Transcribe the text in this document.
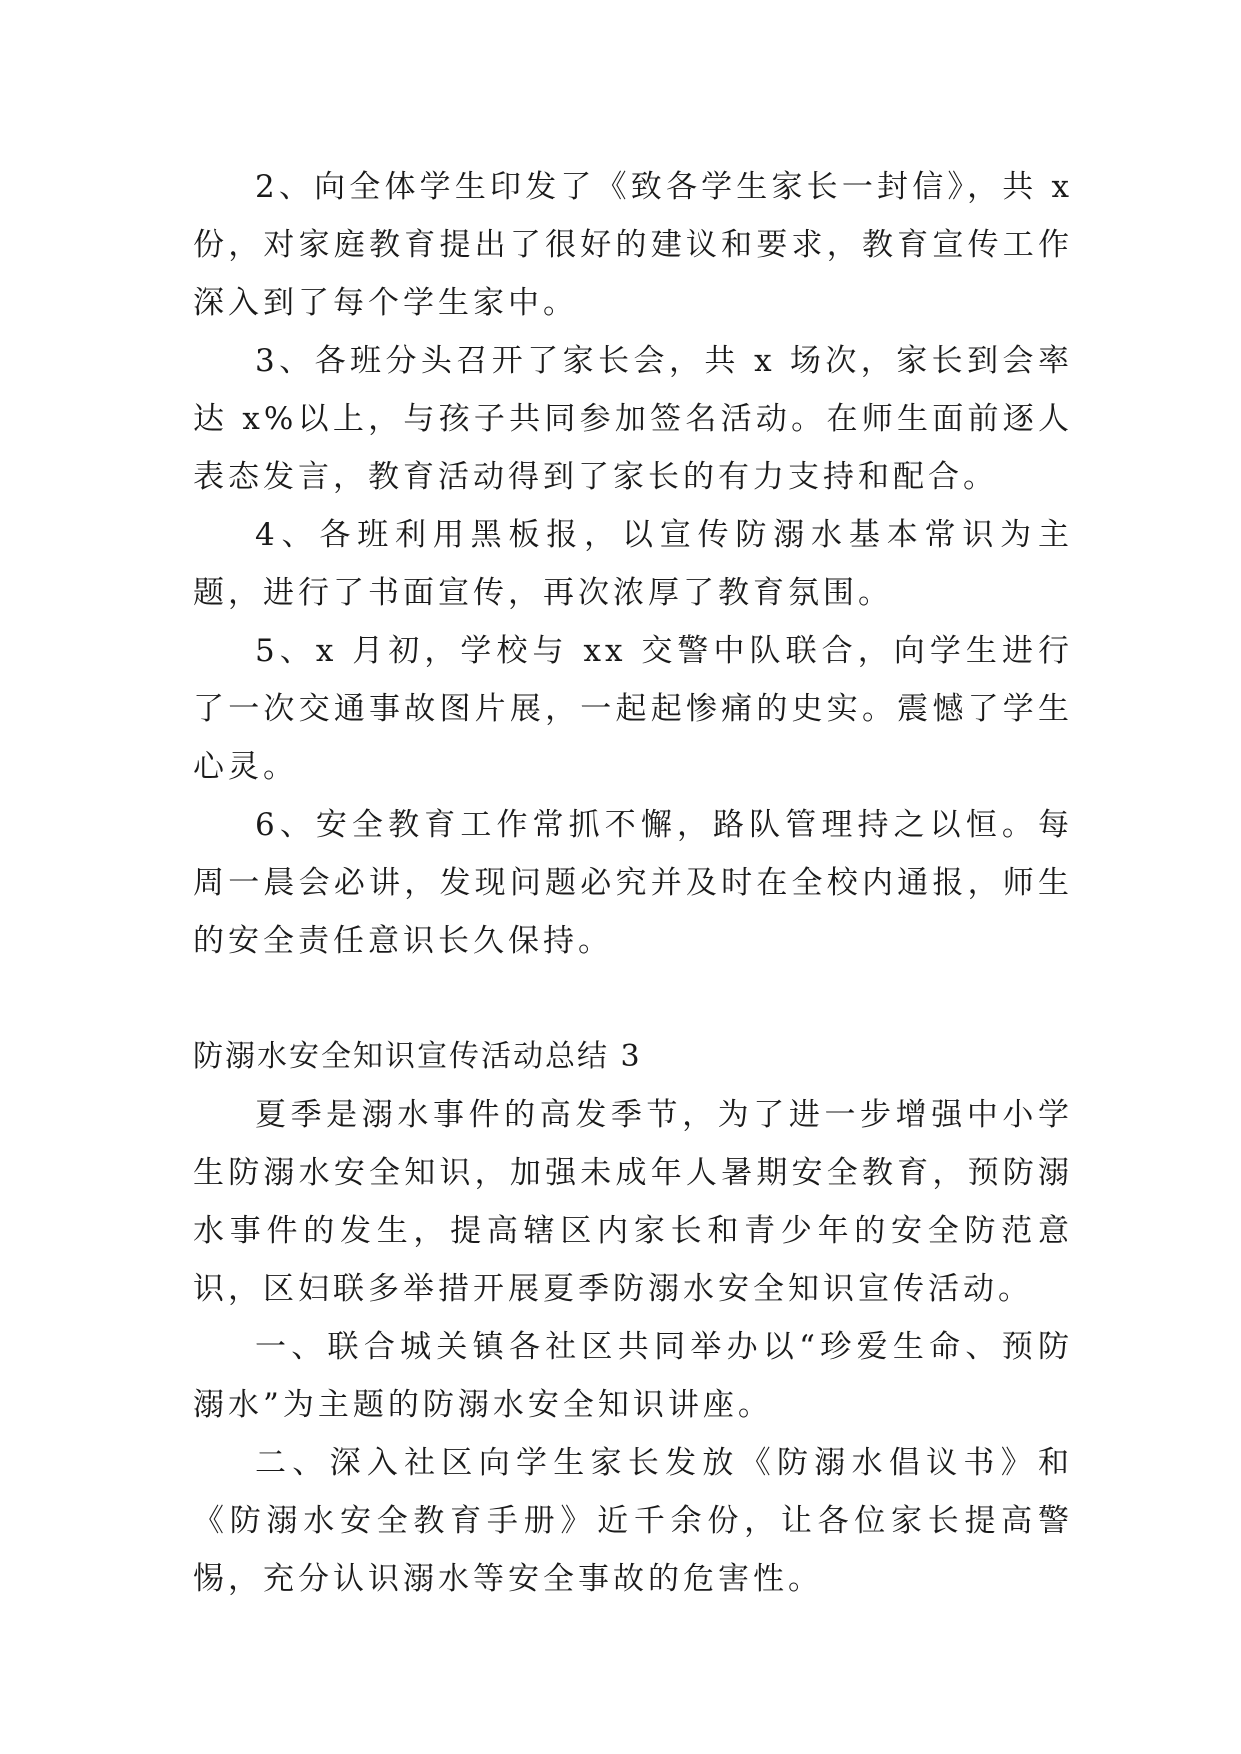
2、向全体学生印发了《致各学生家长一封信》，共 x 份，对家庭教育提出了很好的建议和要求，教育宣传工作深入到了每个学生家中。

3、各班分头召开了家长会，共 x 场次，家长到会率达 x%以上，与孩子共同参加签名活动。在师生面前逐人表态发言，教育活动得到了家长的有力支持和配合。

4、各班利用黑板报，以宣传防溺水基本常识为主题，进行了书面宣传，再次浓厚了教育氛围。

5、x 月初，学校与 xx 交警中队联合，向学生进行了一次交通事故图片展，一起起惨痛的史实。震憾了学生心灵。

6、安全教育工作常抓不懈，路队管理持之以恒。每周一晨会必讲，发现问题必究并及时在全校内通报，师生的安全责任意识长久保持。

防溺水安全知识宣传活动总结 3

夏季是溺水事件的高发季节，为了进一步增强中小学生防溺水安全知识，加强未成年人暑期安全教育，预防溺水事件的发生，提高辖区内家长和青少年的安全防范意识，区妇联多举措开展夏季防溺水安全知识宣传活动。

一、联合城关镇各社区共同举办以“珍爱生命、预防溺水”为主题的防溺水安全知识讲座。

二、深入社区向学生家长发放《防溺水倡议书》和《防溺水安全教育手册》近千余份，让各位家长提高警惕，充分认识溺水等安全事故的危害性。
